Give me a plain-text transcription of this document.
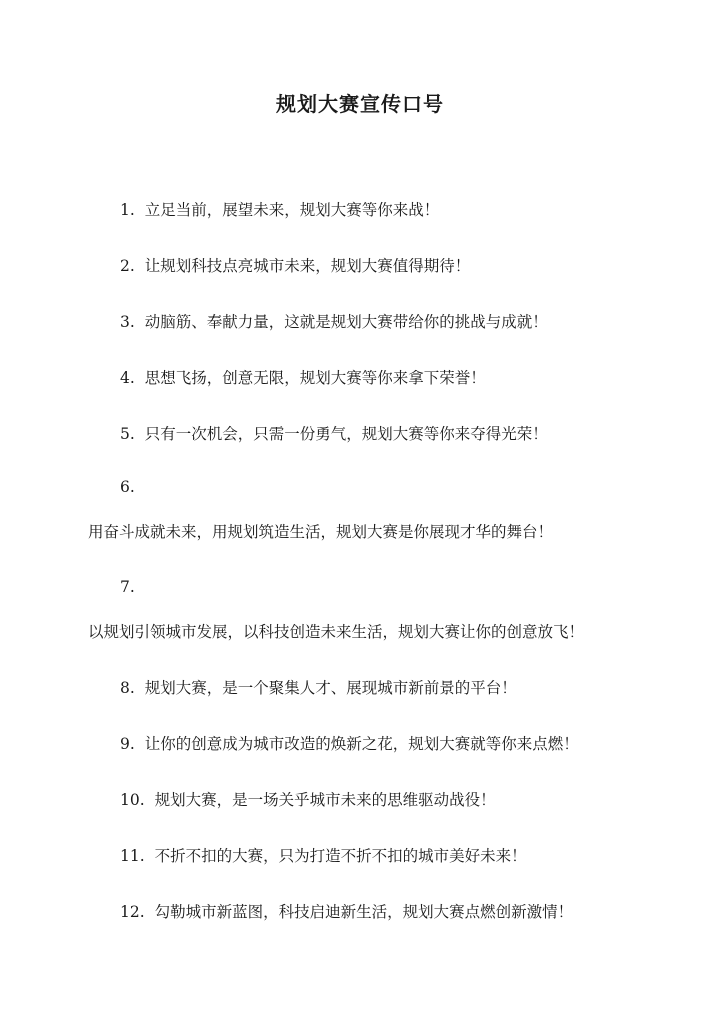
规划大赛宣传口号
1. 立足当前，展望未来，规划大赛等你来战！
2. 让规划科技点亮城市未来，规划大赛值得期待！
3. 动脑筋、奉献力量，这就是规划大赛带给你的挑战与成就！
4. 思想飞扬，创意无限，规划大赛等你来拿下荣誉！
5. 只有一次机会，只需一份勇气，规划大赛等你来夺得光荣！
6.
用奋斗成就未来，用规划筑造生活，规划大赛是你展现才华的舞台！
7.
以规划引领城市发展，以科技创造未来生活，规划大赛让你的创意放飞！
8. 规划大赛，是一个聚集人才、展现城市新前景的平台！
9. 让你的创意成为城市改造的焕新之花，规划大赛就等你来点燃！
10. 规划大赛，是一场关乎城市未来的思维驱动战役！
11. 不折不扣的大赛，只为打造不折不扣的城市美好未来！
12. 勾勒城市新蓝图，科技启迪新生活，规划大赛点燃创新激情！
